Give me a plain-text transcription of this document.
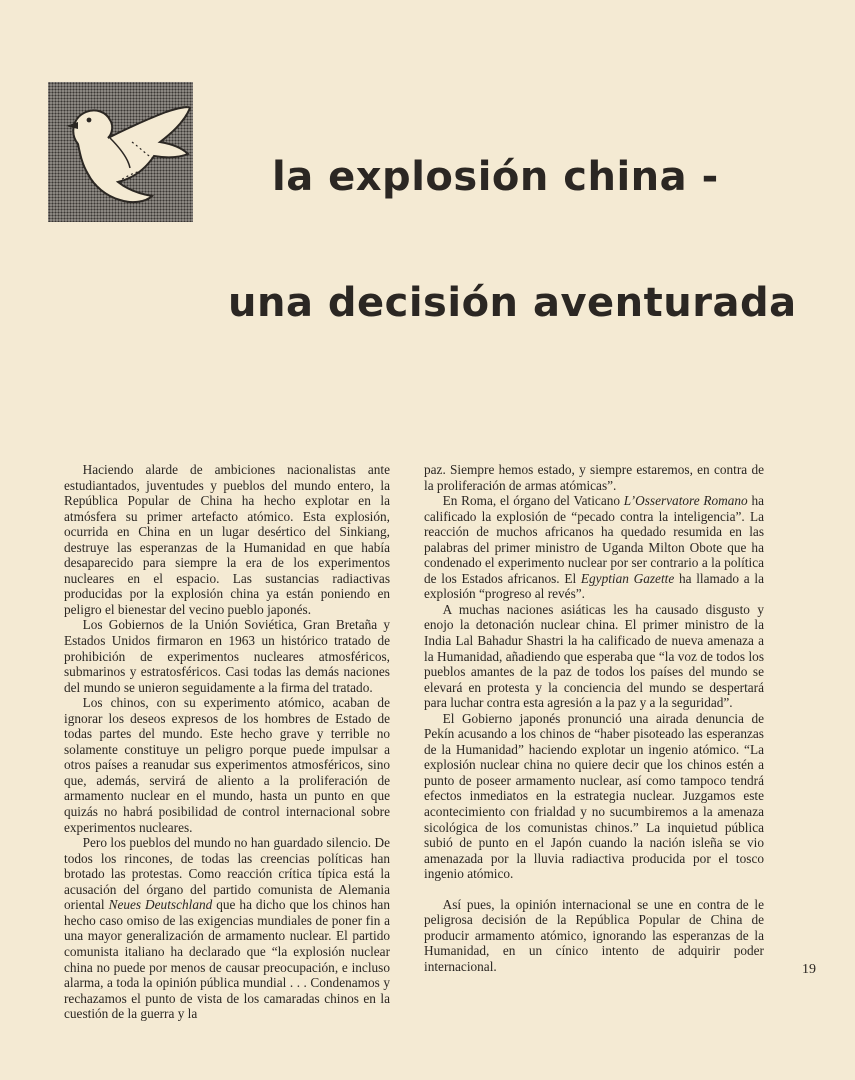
la explosión china -
una decisión aventurada

Haciendo alarde de ambiciones nacionalistas ante estudiantados, juventudes y pueblos del mundo entero, la República Popular de China ha hecho explotar en la atmósfera su primer artefacto atómico. Esta explosión, ocurrida en China en un lugar desértico del Sinkiang, destruye las esperanzas de la Humanidad en que había desaparecido para siempre la era de los experimentos nucleares en el espacio. Las sustancias radiactivas producidas por la explosión china ya están poniendo en peligro el bienestar del vecino pueblo japonés.

Los Gobiernos de la Unión Soviética, Gran Bretaña y Estados Unidos firmaron en 1963 un histórico tratado de prohibición de experimentos nucleares atmosféricos, submarinos y estratosféricos. Casi todas las demás naciones del mundo se unieron seguidamente a la firma del tratado.

Los chinos, con su experimento atómico, acaban de ignorar los deseos expresos de los hombres de Estado de todas partes del mundo. Este hecho grave y terrible no solamente constituye un peligro porque puede impulsar a otros países a reanudar sus experimentos atmosféricos, sino que, además, servirá de aliento a la proliferación de armamento nuclear en el mundo, hasta un punto en que quizás no habrá posibilidad de control internacional sobre experimentos nucleares.

Pero los pueblos del mundo no han guardado silencio. De todos los rincones, de todas las creencias políticas han brotado las protestas. Como reacción crítica típica está la acusación del órgano del partido comunista de Alemania oriental Neues Deutschland que ha dicho que los chinos han hecho caso omiso de las exigencias mundiales de poner fin a una mayor generalización de armamento nuclear. El partido comunista italiano ha declarado que “la explosión nuclear china no puede por menos de causar preocupación, e incluso alarma, a toda la opinión pública mundial . . . Condenamos y rechazamos el punto de vista de los camaradas chinos en la cuestión de la guerra y la

paz. Siempre hemos estado, y siempre estaremos, en contra de la proliferación de armas atómicas”.

En Roma, el órgano del Vaticano L’Osservatore Romano ha calificado la explosión de “pecado contra la inteligencia”. La reacción de muchos africanos ha quedado resumida en las palabras del primer ministro de Uganda Milton Obote que ha condenado el experimento nuclear por ser contrario a la política de los Estados africanos. El Egyptian Gazette ha llamado a la explosión “progreso al revés”.

A muchas naciones asiáticas les ha causado disgusto y enojo la detonación nuclear china. El primer ministro de la India Lal Bahadur Shastri la ha calificado de nueva amenaza a la Humanidad, añadiendo que esperaba que “la voz de todos los pueblos amantes de la paz de todos los países del mundo se elevará en protesta y la conciencia del mundo se despertará para luchar contra esta agresión a la paz y a la seguridad”.

El Gobierno japonés pronunció una airada denuncia de Pekín acusando a los chinos de “haber pisoteado las esperanzas de la Humanidad” haciendo explotar un ingenio atómico. “La explosión nuclear china no quiere decir que los chinos estén a punto de poseer armamento nuclear, así como tampoco tendrá efectos inmediatos en la estrategia nuclear. Juzgamos este acontecimiento con frialdad y no sucumbiremos a la amenaza sicológica de los comunistas chinos.” La inquietud pública subió de punto en el Japón cuando la nación isleña se vio amenazada por la lluvia radiactiva producida por el tosco ingenio atómico.

Así pues, la opinión internacional se une en contra de le peligrosa decisión de la República Popular de China de producir armamento atómico, ignorando las esperanzas de la Humanidad, en un cínico intento de adquirir poder internacional.	19
